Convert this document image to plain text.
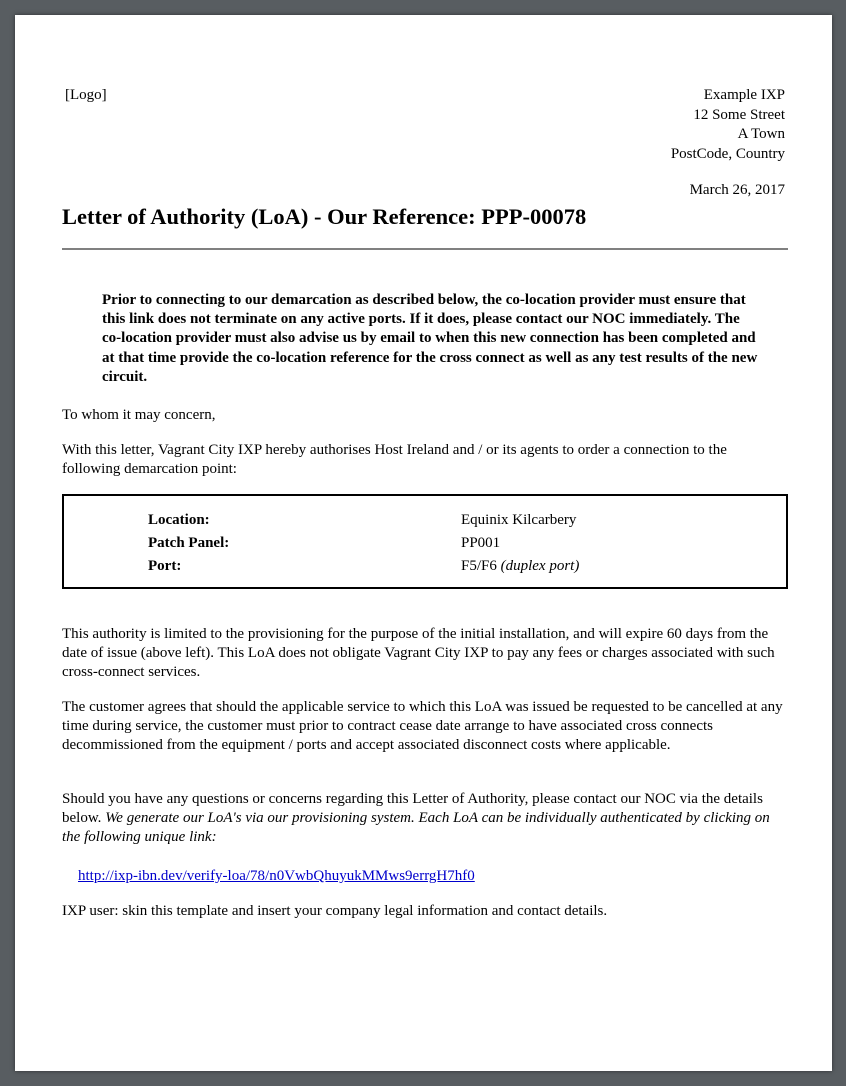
[Logo]	Example IXP
12 Some Street
A Town
PostCode, Country
March 26, 2017
Letter of Authority (LoA) - Our Reference: PPP-00078

Prior to connecting to our demarcation as described below, the co-location provider must ensure that this link does not terminate on any active ports. If it does, please contact our NOC immediately. The co-location provider must also advise us by email to when this new connection has been completed and at that time provide the co-location reference for the cross connect as well as any test results of the new circuit.

To whom it may concern,

With this letter, Vagrant City IXP hereby authorises Host Ireland and / or its agents to order a connection to the following demarcation point:

Location:	Equinix Kilcarbery
Patch Panel:	PP001
Port:	F5/F6 (duplex port)

This authority is limited to the provisioning for the purpose of the initial installation, and will expire 60 days from the date of issue (above left). This LoA does not obligate Vagrant City IXP to pay any fees or charges associated with such cross-connect services.

The customer agrees that should the applicable service to which this LoA was issued be requested to be cancelled at any time during service, the customer must prior to contract cease date arrange to have associated cross connects decommissioned from the equipment / ports and accept associated disconnect costs where applicable.

Should you have any questions or concerns regarding this Letter of Authority, please contact our NOC via the details below. We generate our LoA's via our provisioning system. Each LoA can be individually authenticated by clicking on the following unique link:

http://ixp-ibn.dev/verify-loa/78/n0VwbQhuyukMMws9errgH7hf0

IXP user: skin this template and insert your company legal information and contact details.
